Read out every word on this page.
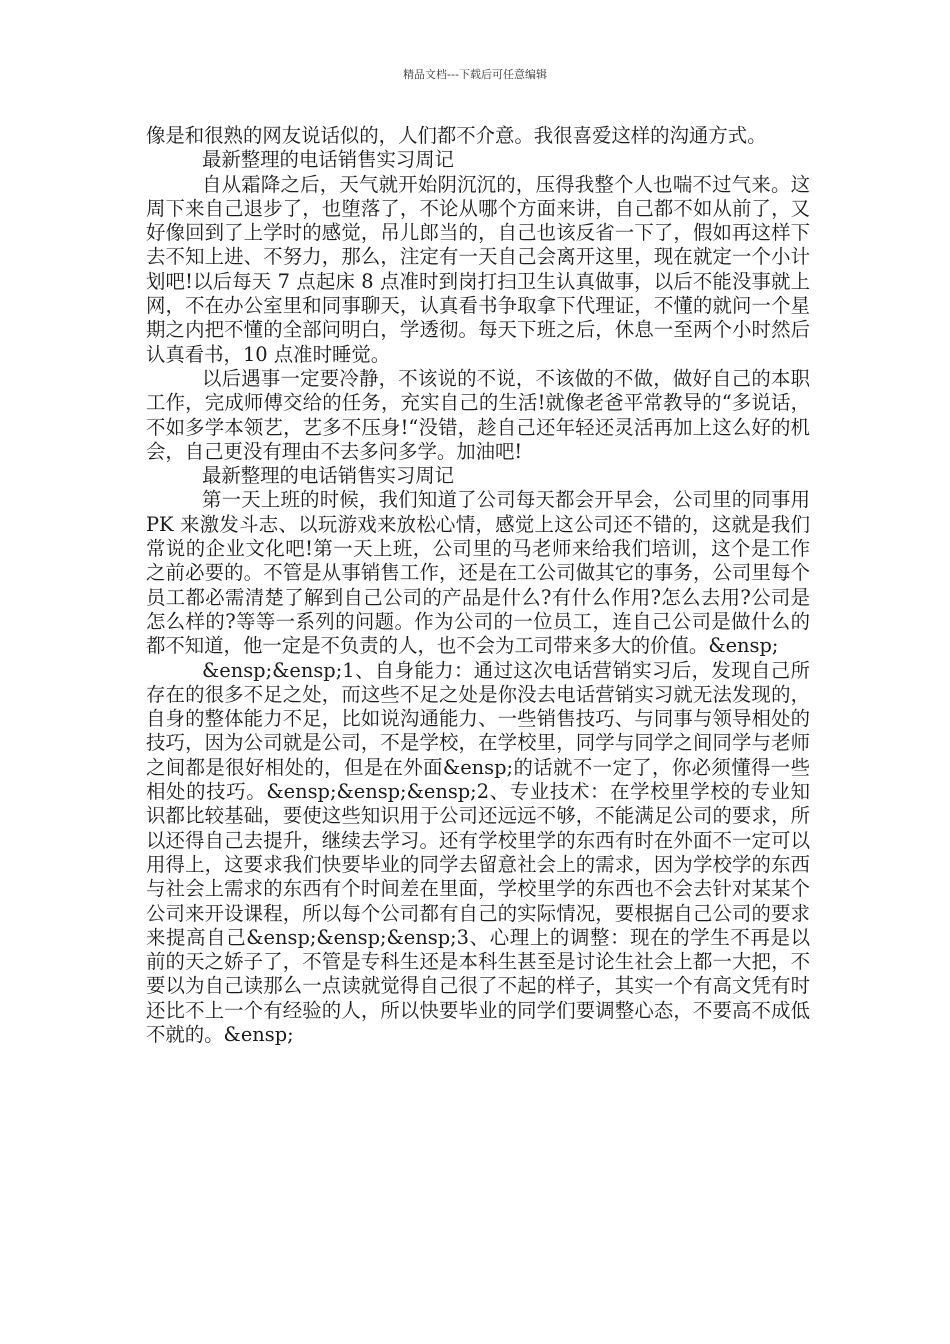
精品文档---下载后可任意编辑

像是和很熟的网友说话似的，人们都不介意。我很喜爱这样的沟通方式。

最新整理的电话销售实习周记

自从霜降之后，天气就开始阴沉沉的，压得我整个人也喘不过气来。这周下来自己退步了，也堕落了，不论从哪个方面来讲，自己都不如从前了，又好像回到了上学时的感觉，吊儿郎当的，自己也该反省一下了，假如再这样下去不知上进、不努力，那么，注定有一天自己会离开这里，现在就定一个小计划吧!以后每天 7 点起床 8 点准时到岗打扫卫生认真做事，以后不能没事就上网，不在办公室里和同事聊天，认真看书争取拿下代理证，不懂的就问一个星期之内把不懂的全部问明白，学透彻。每天下班之后，休息一至两个小时然后认真看书，10 点准时睡觉。

以后遇事一定要冷静，不该说的不说，不该做的不做，做好自己的本职工作，完成师傅交给的任务，充实自己的生活!就像老爸平常教导的“多说话，不如多学本领艺，艺多不压身!“没错，趁自己还年轻还灵活再加上这么好的机会，自己更没有理由不去多问多学。加油吧!

最新整理的电话销售实习周记

第一天上班的时候，我们知道了公司每天都会开早会，公司里的同事用 PK 来激发斗志、以玩游戏来放松心情，感觉上这公司还不错的，这就是我们常说的企业文化吧!第一天上班，公司里的马老师来给我们培训，这个是工作之前必要的。不管是从事销售工作，还是在工公司做其它的事务，公司里每个员工都必需清楚了解到自己公司的产品是什么?有什么作用?怎么去用?公司是怎么样的?等等一系列的问题。作为公司的一位员工，连自己公司是做什么的都不知道，他一定是不负责的人，也不会为工司带来多大的价值。&ensp;

&ensp;&ensp;1、自身能力：通过这次电话营销实习后，发现自己所存在的很多不足之处，而这些不足之处是你没去电话营销实习就无法发现的，自身的整体能力不足，比如说沟通能力、一些销售技巧、与同事与领导相处的技巧，因为公司就是公司，不是学校，在学校里，同学与同学之间同学与老师之间都是很好相处的，但是在外面&ensp;的话就不一定了，你必须懂得一些相处的技巧。&ensp;&ensp;&ensp;2、专业技术：在学校里学校的专业知识都比较基础，要使这些知识用于公司还远远不够，不能满足公司的要求，所以还得自己去提升，继续去学习。还有学校里学的东西有时在外面不一定可以用得上，这要求我们快要毕业的同学去留意社会上的需求，因为学校学的东西与社会上需求的东西有个时间差在里面，学校里学的东西也不会去针对某某个公司来开设课程，所以每个公司都有自己的实际情况，要根据自己公司的要求来提高自己&ensp;&ensp;&ensp;3、心理上的调整：现在的学生不再是以前的天之娇子了，不管是专科生还是本科生甚至是讨论生社会上都一大把，不要以为自己读那么一点读就觉得自己很了不起的样子，其实一个有高文凭有时还比不上一个有经验的人，所以快要毕业的同学们要调整心态，不要高不成低不就的。&ensp;
